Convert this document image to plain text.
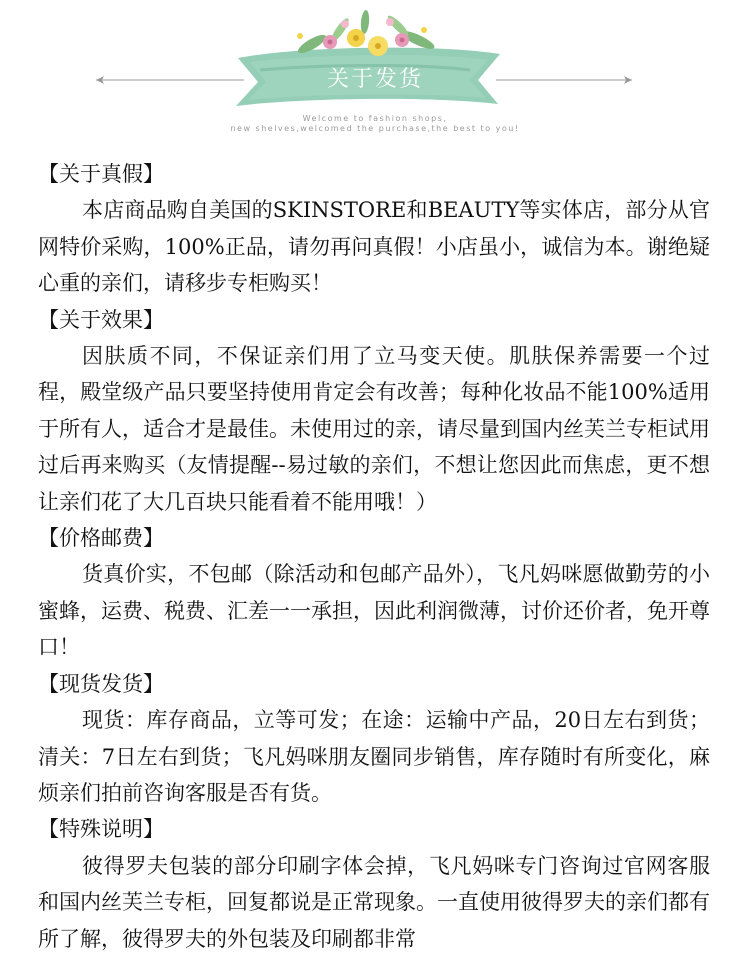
关于发货
Welcome to fashion shops,
new shelves,welcomed the purchase,the best to you!
【关于真假】
本店商品购自美国的SKINSTORE和BEAUTY等实体店，部分从官网特价采购，100%正品，请勿再问真假！小店虽小，诚信为本。谢绝疑心重的亲们，请移步专柜购买！
【关于效果】
因肤质不同，不保证亲们用了立马变天使。肌肤保养需要一个过程，殿堂级产品只要坚持使用肯定会有改善；每种化妆品不能100%适用于所有人，适合才是最佳。未使用过的亲，请尽量到国内丝芙兰专柜试用过后再来购买（友情提醒--易过敏的亲们，不想让您因此而焦虑，更不想让亲们花了大几百块只能看着不能用哦！）
【价格邮费】
货真价实，不包邮（除活动和包邮产品外），飞凡妈咪愿做勤劳的小蜜蜂，运费、税费、汇差一一承担，因此利润微薄，讨价还价者，免开尊口！
【现货发货】
现货：库存商品，立等可发；在途：运输中产品，20日左右到货；清关：7日左右到货；飞凡妈咪朋友圈同步销售，库存随时有所变化，麻烦亲们拍前咨询客服是否有货。
【特殊说明】
彼得罗夫包装的部分印刷字体会掉，飞凡妈咪专门咨询过官网客服和国内丝芙兰专柜，回复都说是正常现象。一直使用彼得罗夫的亲们都有所了解，彼得罗夫的外包装及印刷都非常
